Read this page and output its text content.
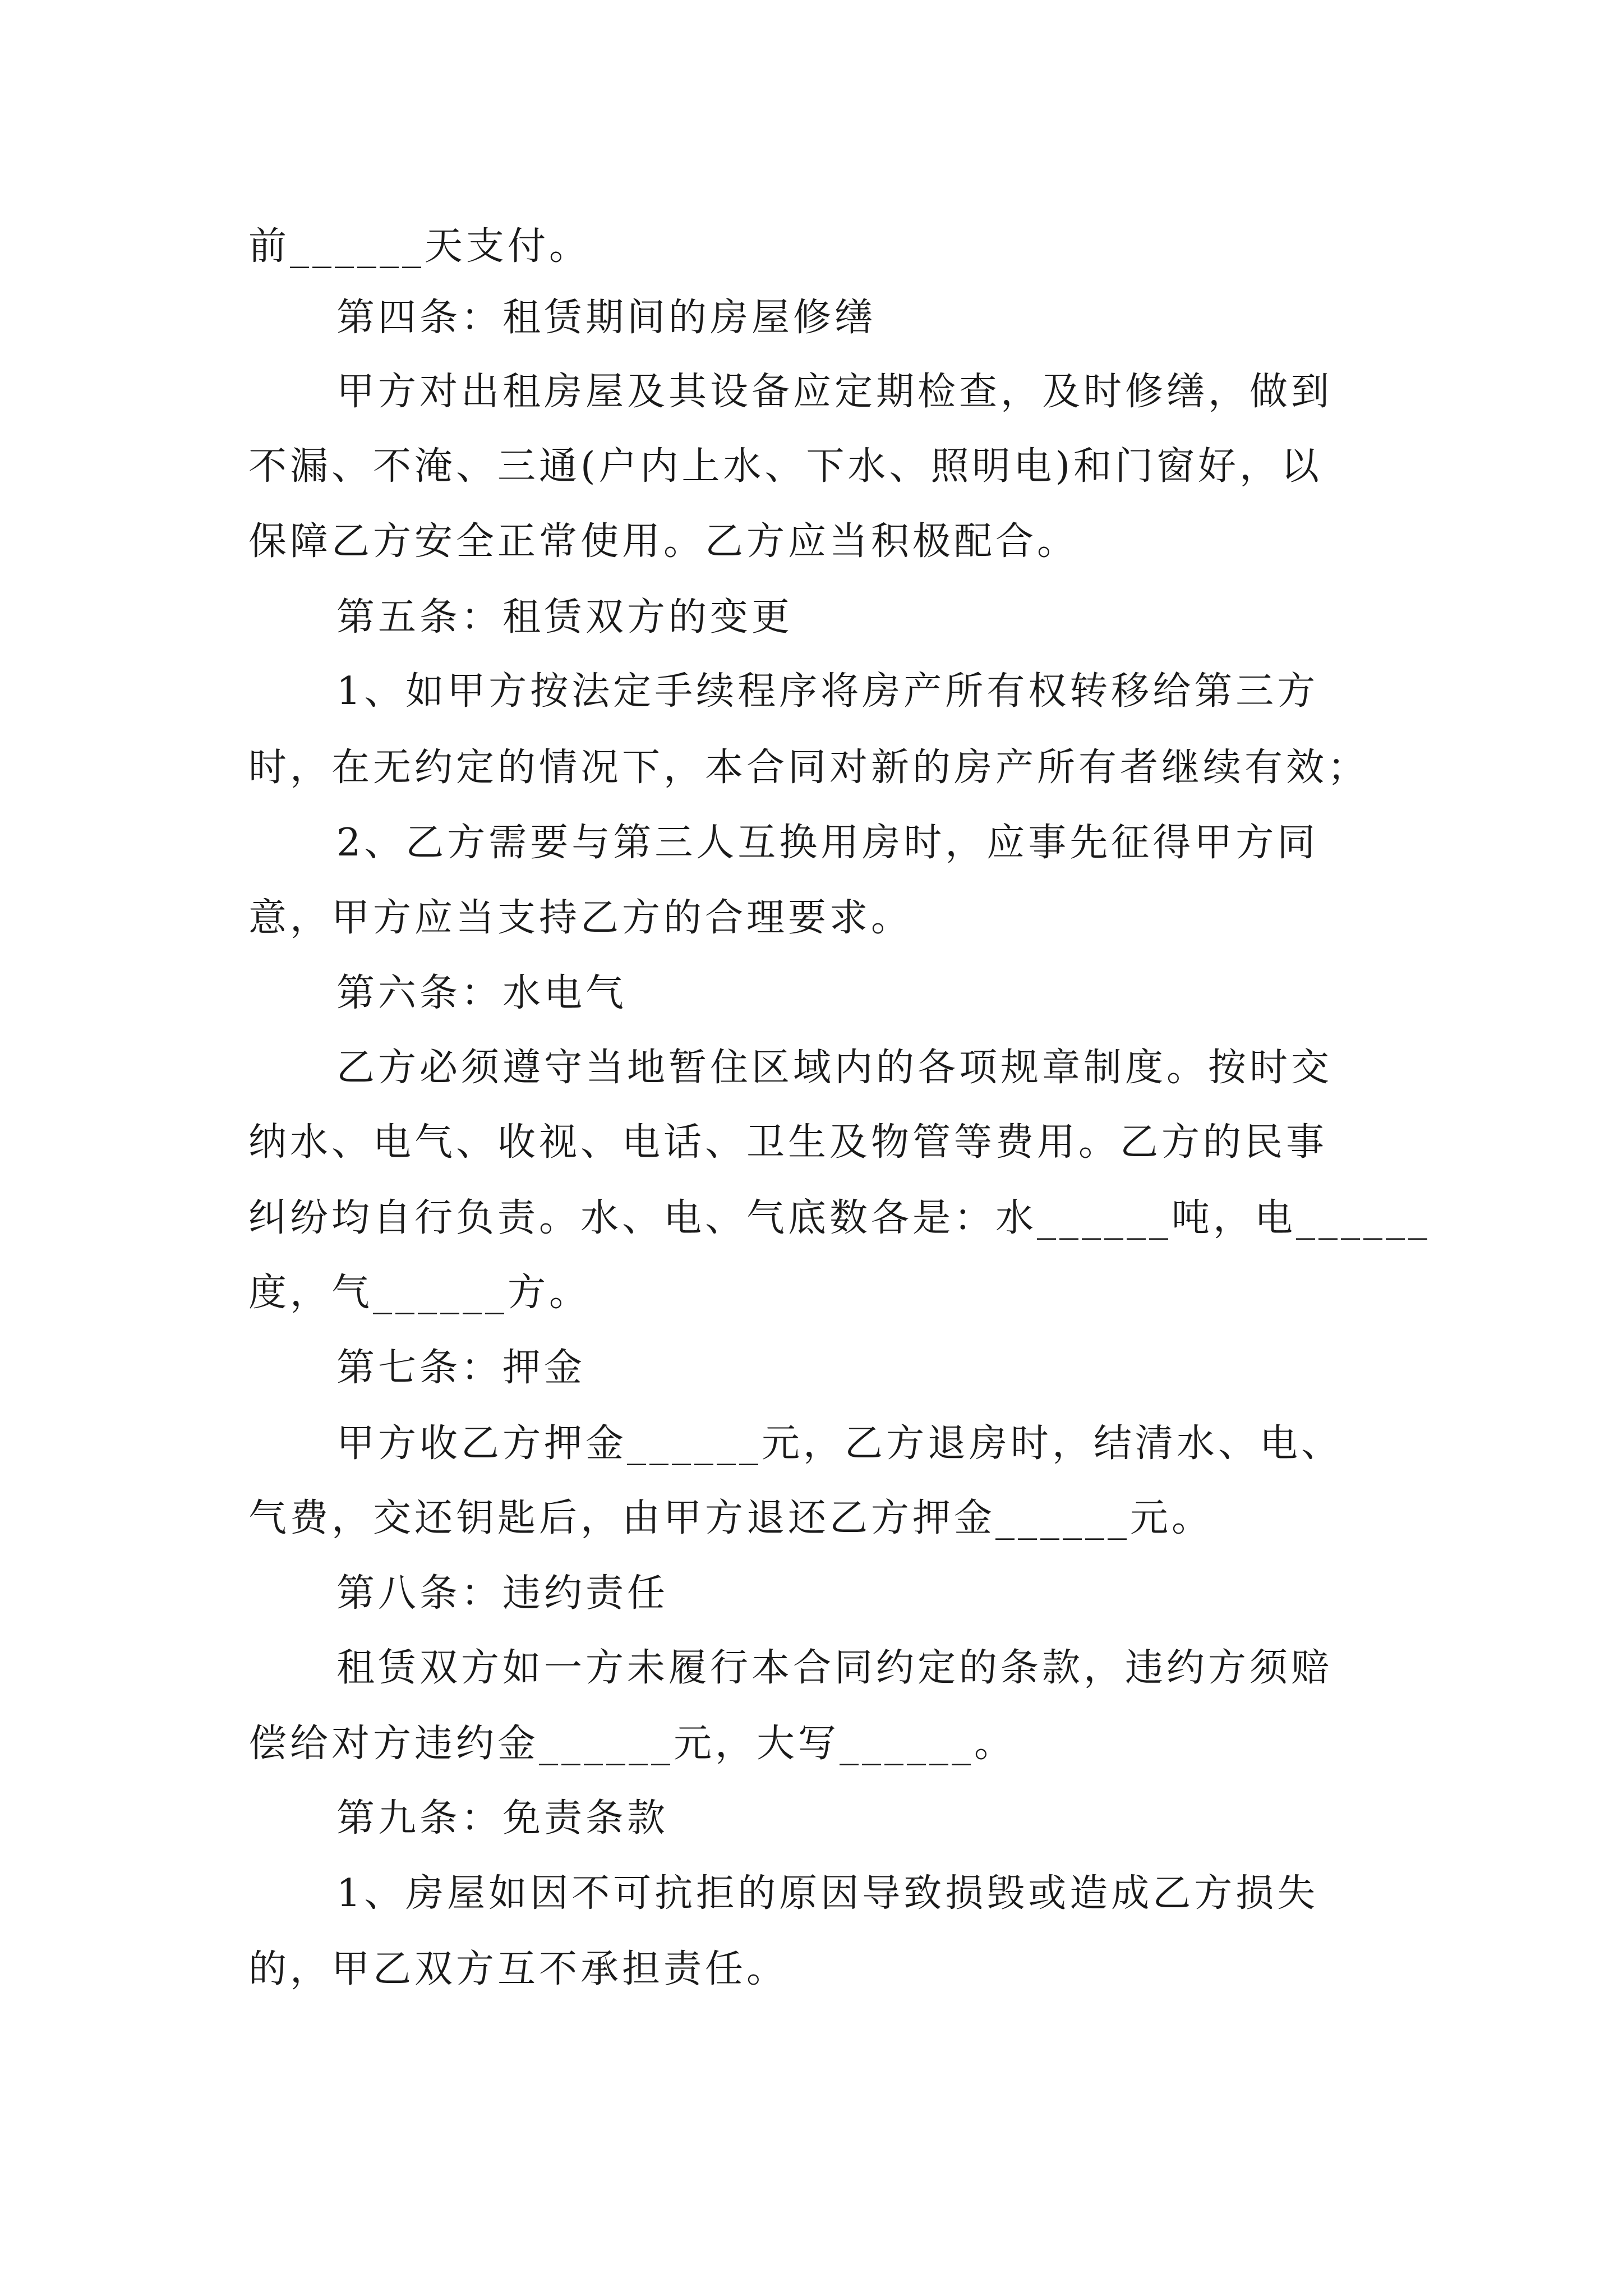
前______天支付。

第四条：租赁期间的房屋修缮

甲方对出租房屋及其设备应定期检查，及时修缮，做到

不漏、不淹、三通(户内上水、下水、照明电)和门窗好，以

保障乙方安全正常使用。乙方应当积极配合。

第五条：租赁双方的变更

1、如甲方按法定手续程序将房产所有权转移给第三方

时，在无约定的情况下，本合同对新的房产所有者继续有效；

2、乙方需要与第三人互换用房时，应事先征得甲方同

意，甲方应当支持乙方的合理要求。

第六条：水电气

乙方必须遵守当地暂住区域内的各项规章制度。按时交

纳水、电气、收视、电话、卫生及物管等费用。乙方的民事

纠纷均自行负责。水、电、气底数各是：水______吨，电______

度，气______方。

第七条：押金

甲方收乙方押金______元，乙方退房时，结清水、电、

气费，交还钥匙后，由甲方退还乙方押金______元。

第八条：违约责任

租赁双方如一方未履行本合同约定的条款，违约方须赔

偿给对方违约金______元，大写______。

第九条：免责条款

1、房屋如因不可抗拒的原因导致损毁或造成乙方损失

的，甲乙双方互不承担责任。
